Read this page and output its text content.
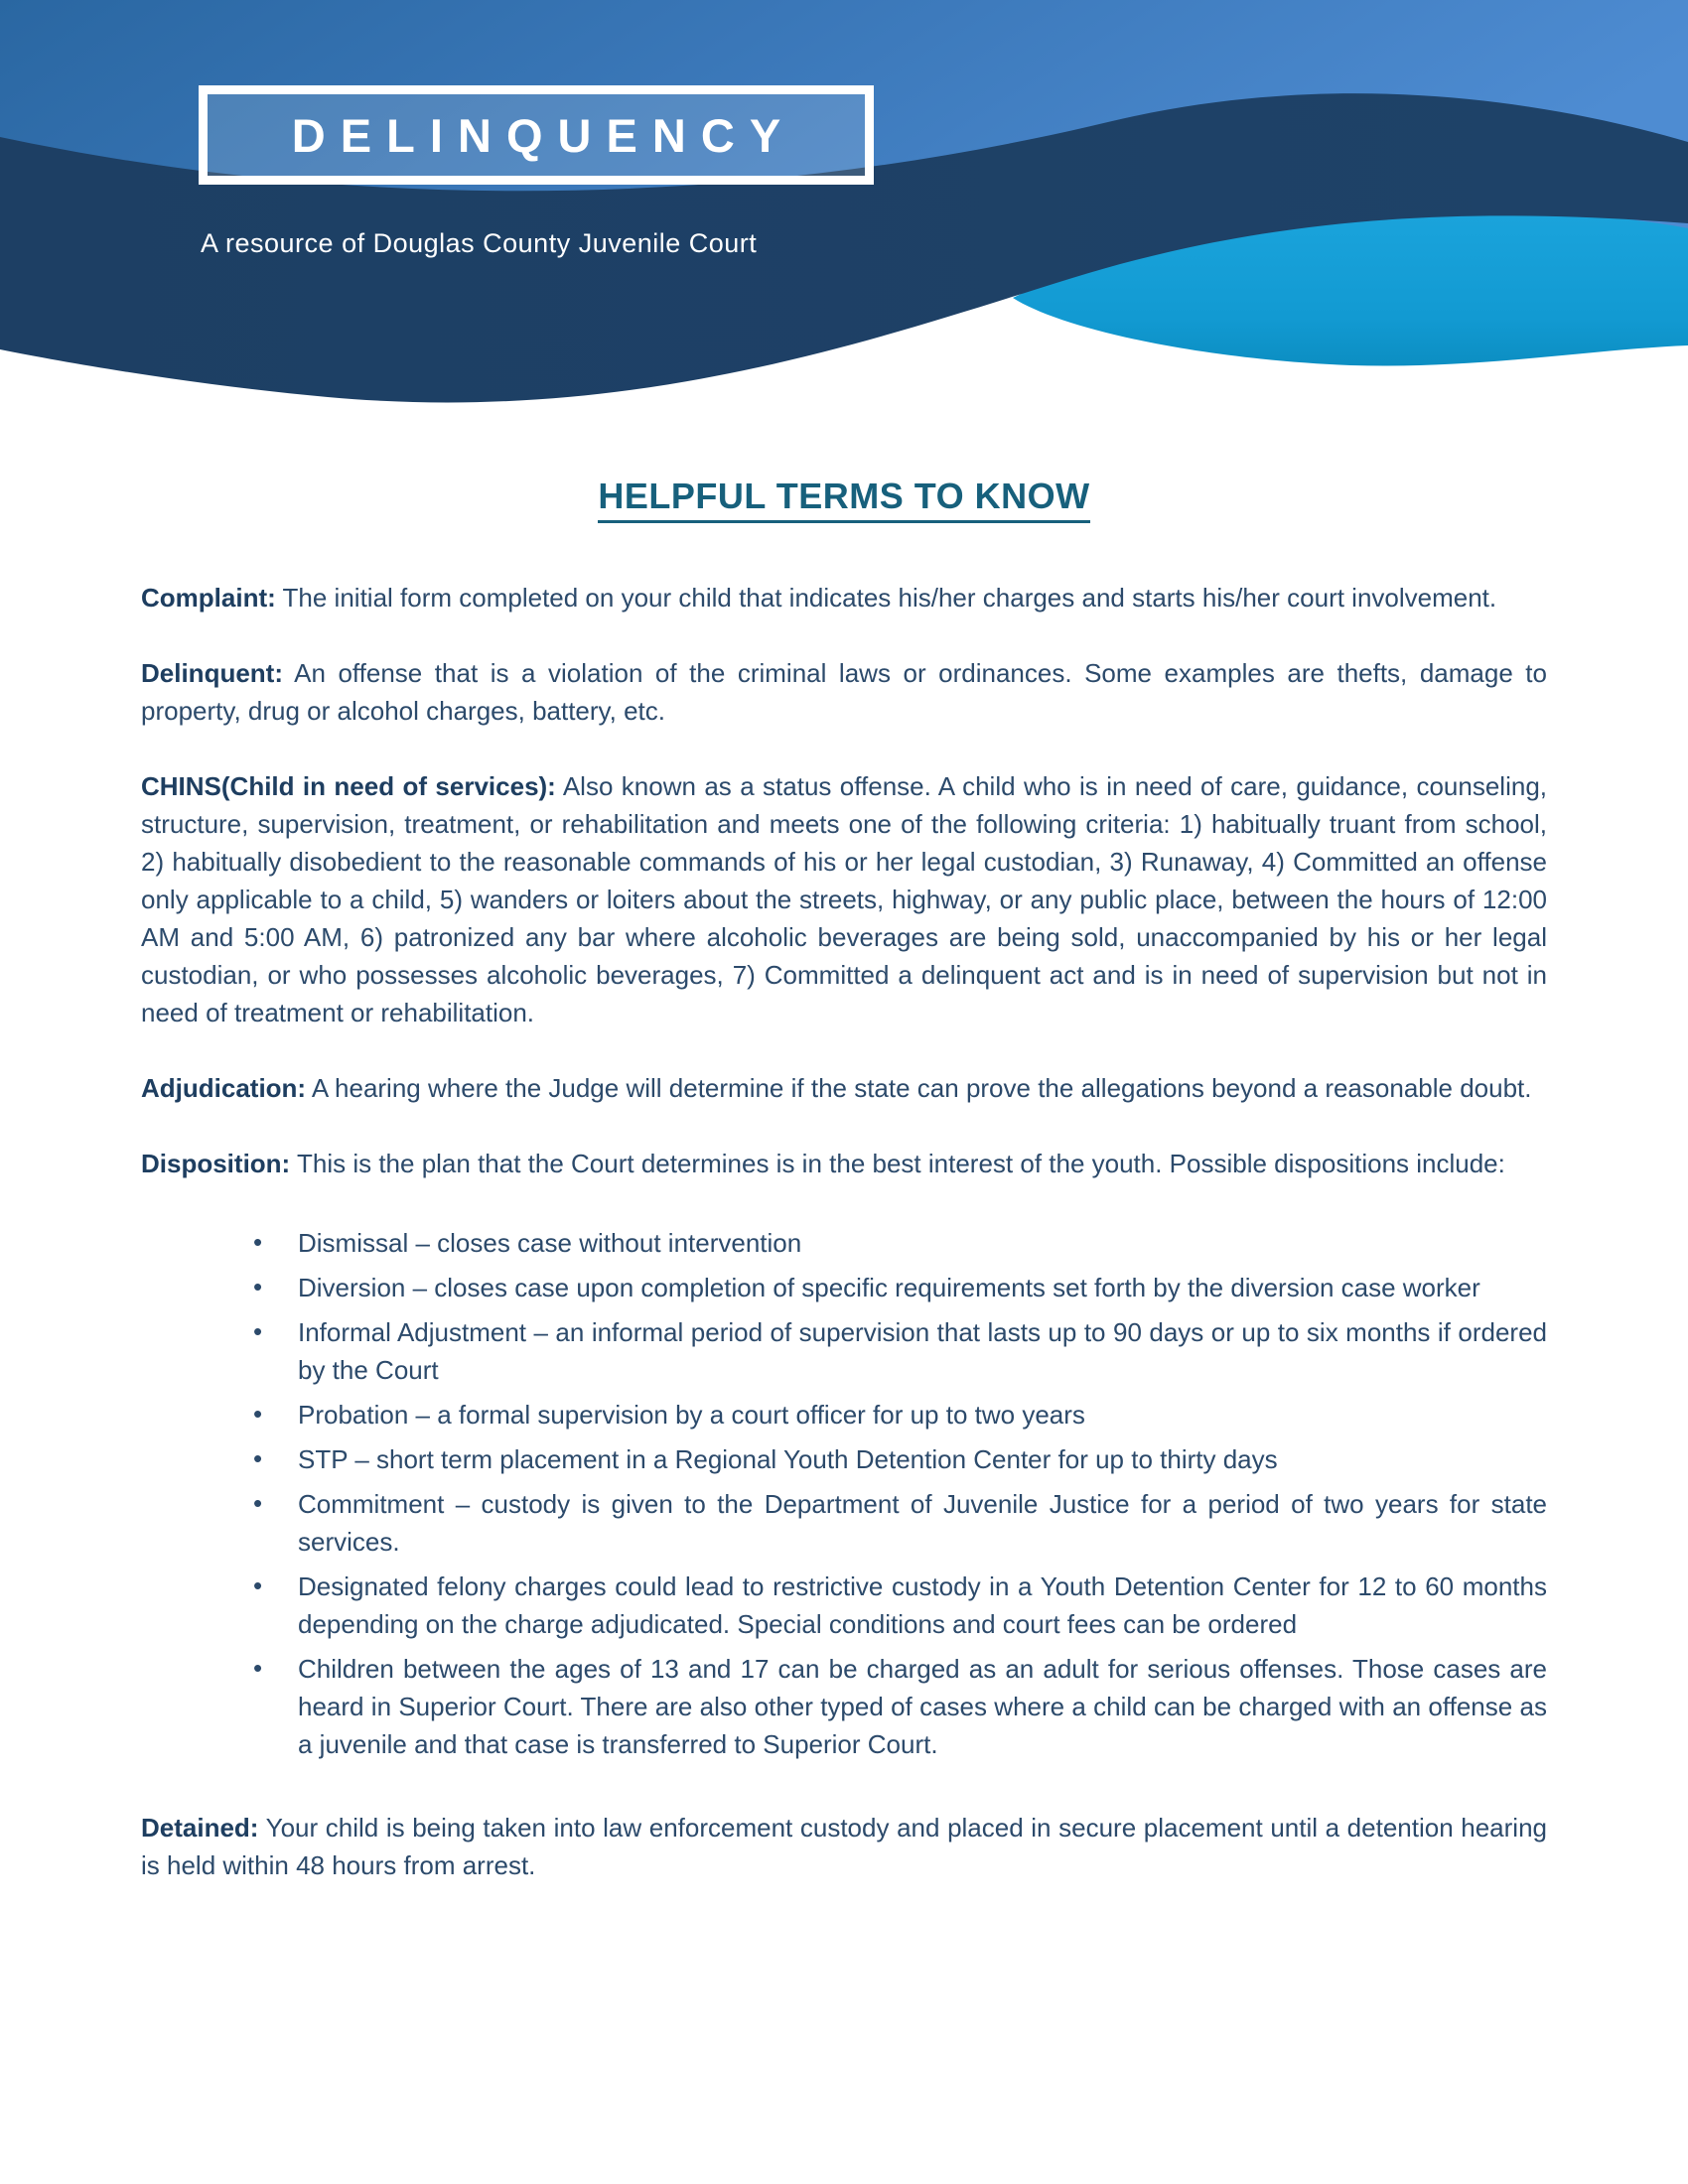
DELINQUENCY
A resource of Douglas County Juvenile Court
HELPFUL TERMS TO KNOW

Complaint: The initial form completed on your child that indicates his/her charges and starts his/her court involvement.

Delinquent: An offense that is a violation of the criminal laws or ordinances. Some examples are thefts, damage to property, drug or alcohol charges, battery, etc.

CHINS(Child in need of services): Also known as a status offense. A child who is in need of care, guidance, counseling, structure, supervision, treatment, or rehabilitation and meets one of the following criteria: 1) habitually truant from school, 2) habitually disobedient to the reasonable commands of his or her legal custodian, 3) Runaway, 4) Committed an offense only applicable to a child, 5) wanders or loiters about the streets, highway, or any public place, between the hours of 12:00 AM and 5:00 AM, 6) patronized any bar where alcoholic beverages are being sold, unaccompanied by his or her legal custodian, or who possesses alcoholic beverages, 7) Committed a delinquent act and is in need of supervision but not in need of treatment or rehabilitation.

Adjudication: A hearing where the Judge will determine if the state can prove the allegations beyond a reasonable doubt.

Disposition: This is the plan that the Court determines is in the best interest of the youth. Possible dispositions include:

• Dismissal – closes case without intervention
• Diversion – closes case upon completion of specific requirements set forth by the diversion case worker
• Informal Adjustment – an informal period of supervision that lasts up to 90 days or up to six months if ordered by the Court
• Probation – a formal supervision by a court officer for up to two years
• STP – short term placement in a Regional Youth Detention Center for up to thirty days
• Commitment – custody is given to the Department of Juvenile Justice for a period of two years for state services.
• Designated felony charges could lead to restrictive custody in a Youth Detention Center for 12 to 60 months depending on the charge adjudicated. Special conditions and court fees can be ordered
• Children between the ages of 13 and 17 can be charged as an adult for serious offenses. Those cases are heard in Superior Court. There are also other typed of cases where a child can be charged with an offense as a juvenile and that case is transferred to Superior Court.

Detained: Your child is being taken into law enforcement custody and placed in secure placement until a detention hearing is held within 48 hours from arrest.
